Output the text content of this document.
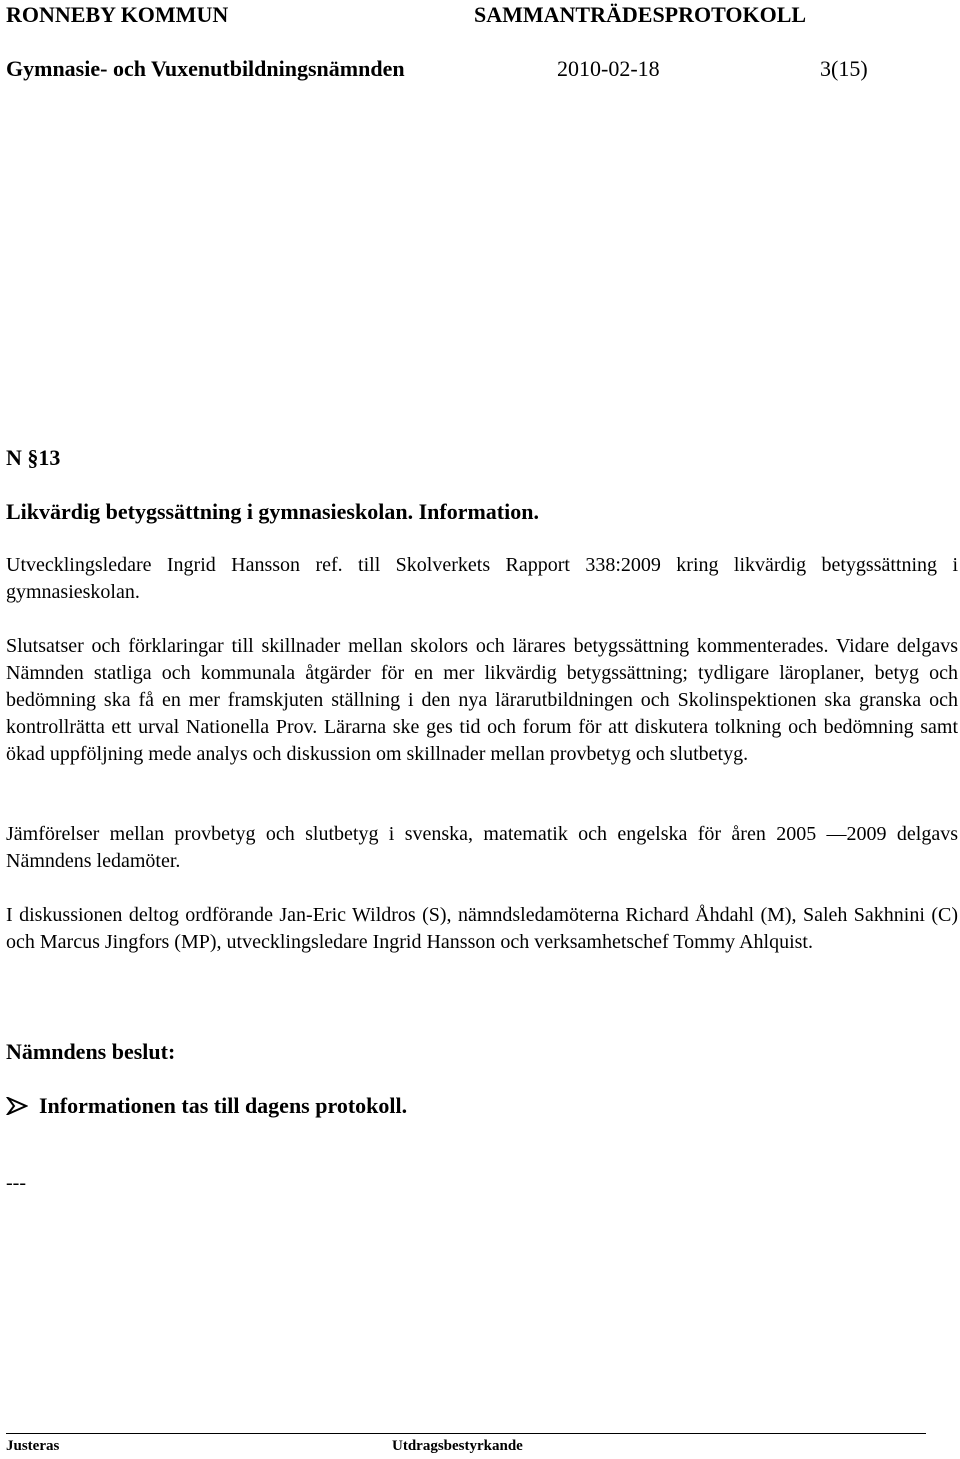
RONNEBY KOMMUN	SAMMANTRÄDESPROTOKOLL
Gymnasie- och Vuxenutbildningsnämnden	2010-02-18	3(15)
N §13
Likvärdig betygssättning i gymnasieskolan. Information.
Utvecklingsledare Ingrid Hansson ref. till Skolverkets Rapport 338:2009 kring likvärdig betygssättning i gymnasieskolan.
Slutsatser och förklaringar till skillnader mellan skolors och lärares betygssättning kommenterades. Vidare delgavs Nämnden statliga och kommunala åtgärder för en mer likvärdig betygssättning; tydligare läroplaner, betyg och bedömning ska få en mer framskjuten ställning i den nya lärarutbildningen och Skolinspektionen ska granska och kontrollrätta ett urval Nationella Prov. Lärarna ske ges tid och forum för att diskutera tolkning och bedömning samt ökad uppföljning mede analys och diskussion om skillnader mellan provbetyg och slutbetyg.
Jämförelser mellan provbetyg och slutbetyg i svenska, matematik och engelska för åren 2005 —2009 delgavs Nämndens ledamöter.
I diskussionen deltog ordförande Jan-Eric Wildros (S), nämndsledamöterna Richard Åhdahl (M), Saleh Sakhnini (C) och Marcus Jingfors (MP), utvecklingsledare Ingrid Hansson och verksamhetschef Tommy Ahlquist.
Nämndens beslut:
Informationen tas till dagens protokoll.
---
Justeras	Utdragsbestyrkande
